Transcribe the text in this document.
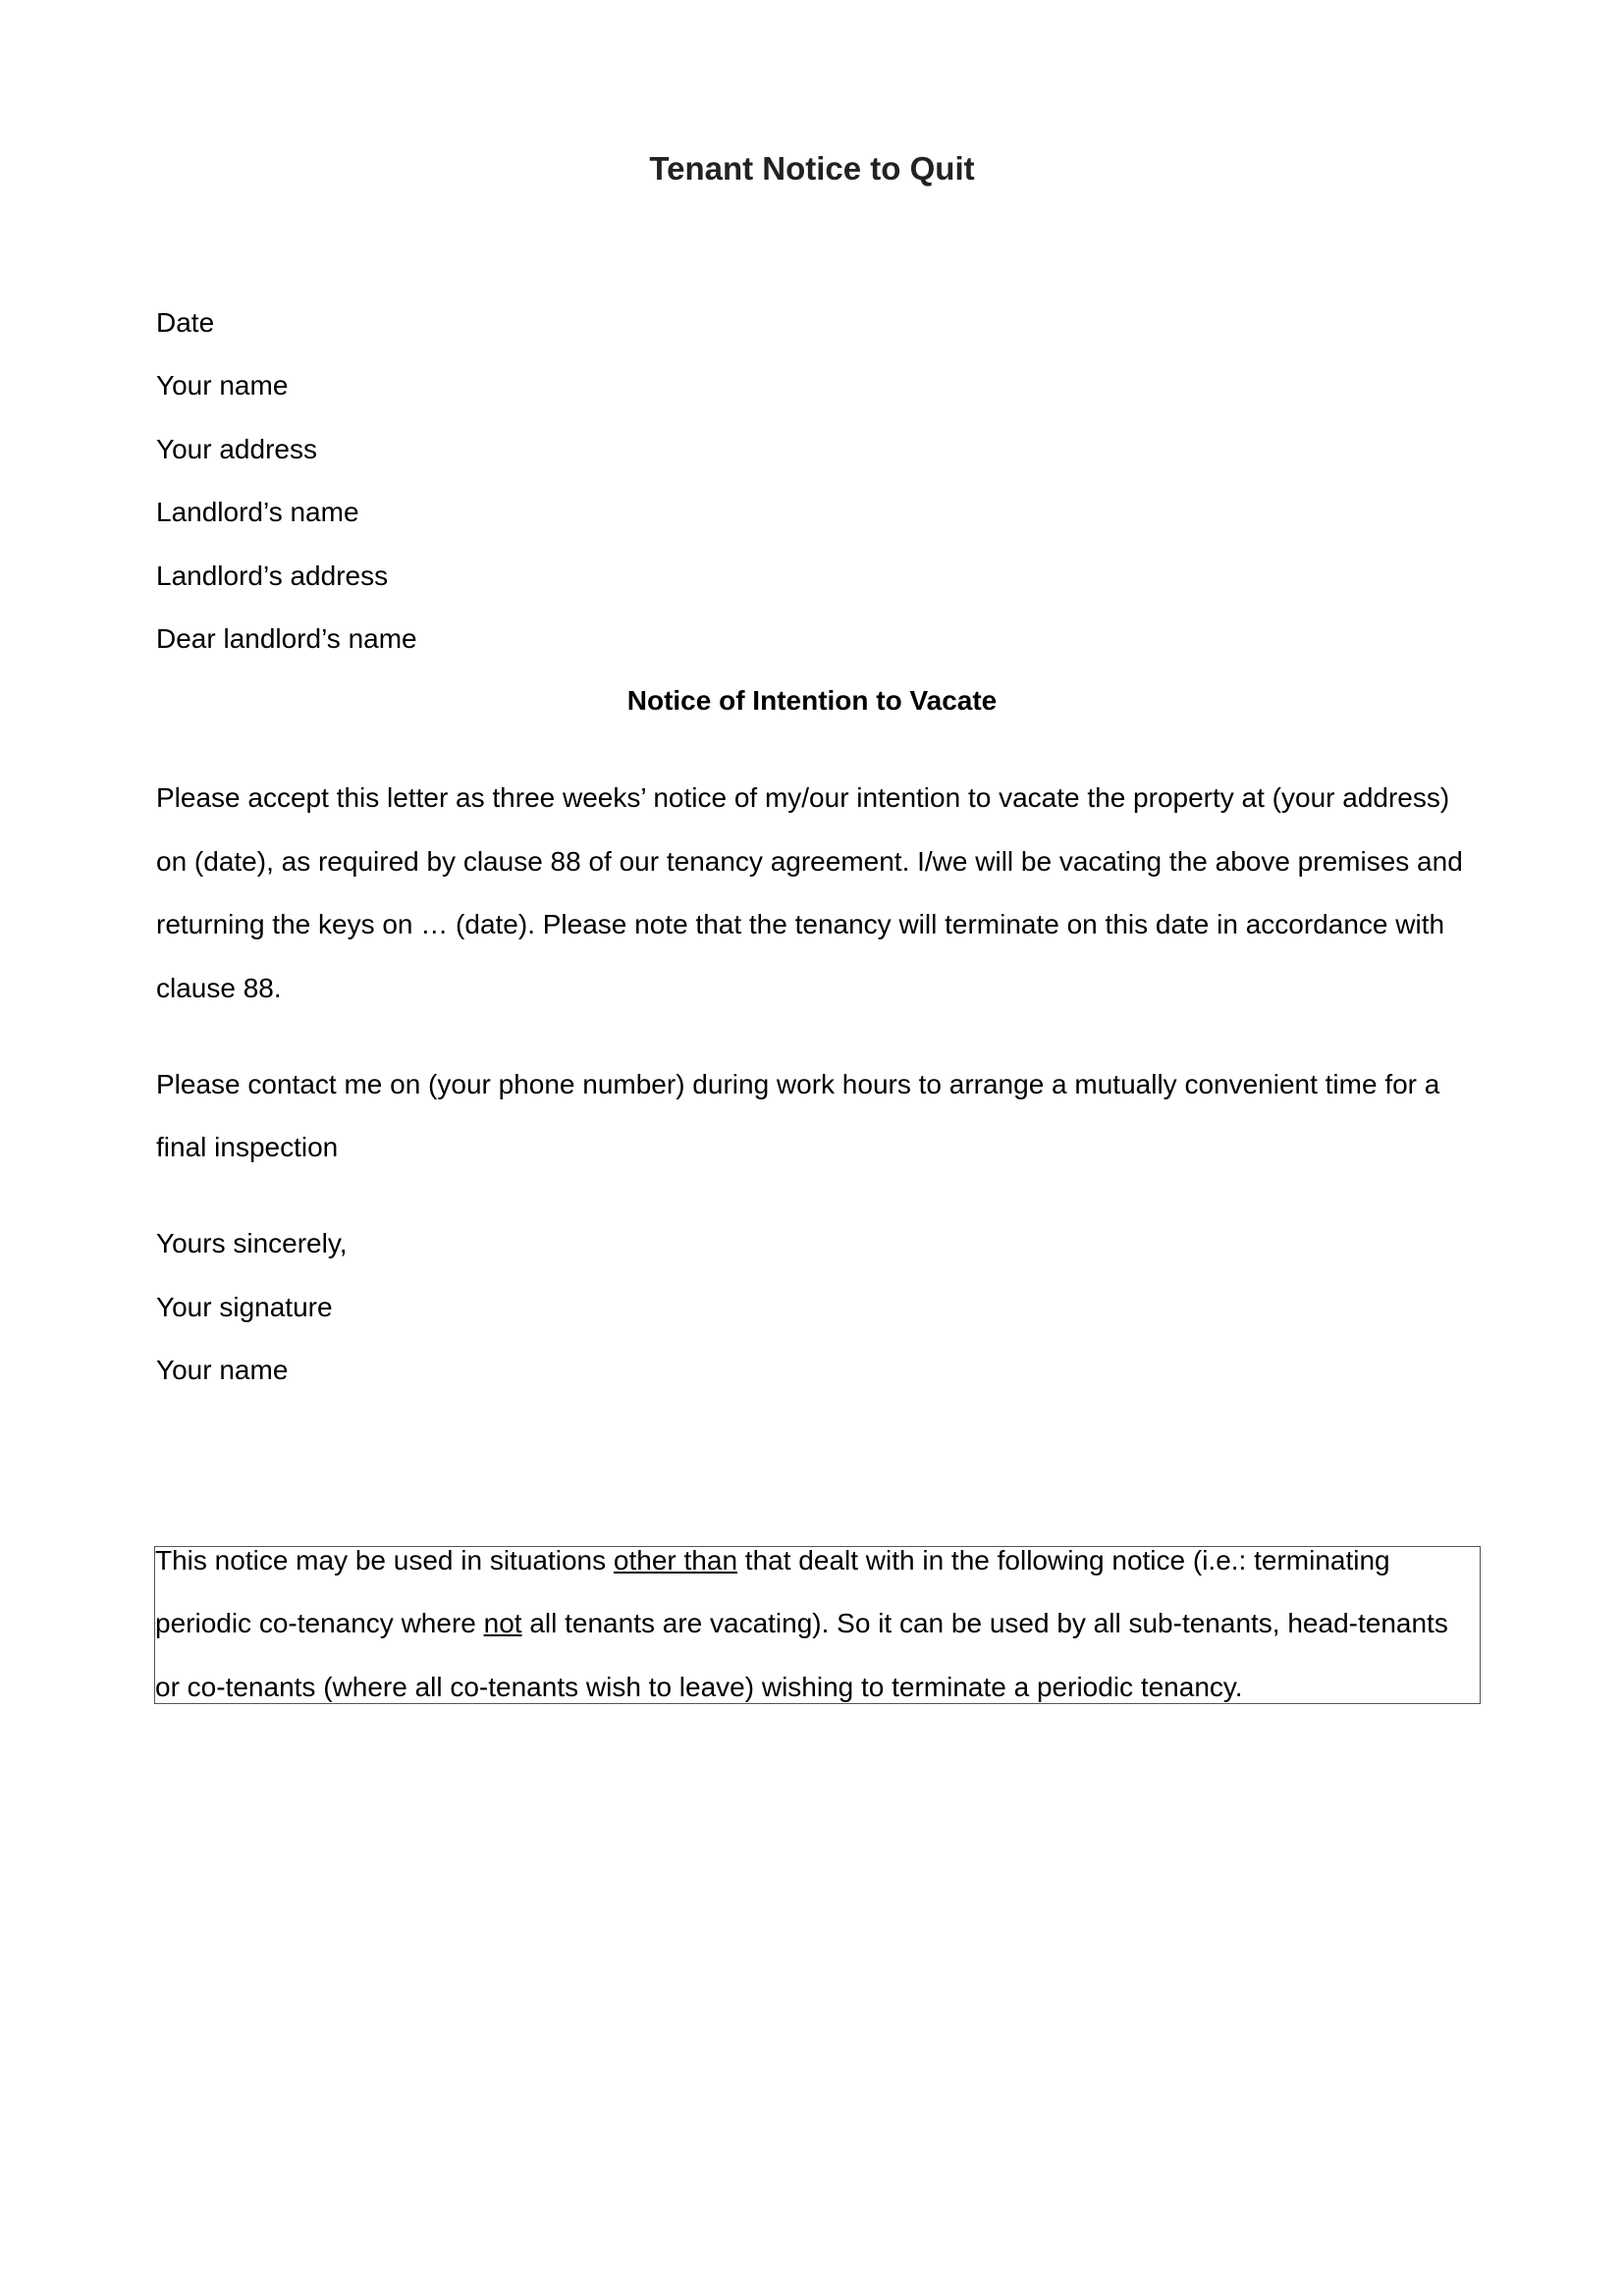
Tenant Notice to Quit

Date

Your name

Your address

Landlord’s name

Landlord’s address

Dear landlord’s name

Notice of Intention to Vacate

Please accept this letter as three weeks’ notice of my/our intention to vacate the property at (your address)

on (date), as required by clause 88 of our tenancy agreement. I/we will be vacating the above premises and

returning the keys on … (date). Please note that the tenancy will terminate on this date in accordance with

clause 88.

Please contact me on (your phone number) during work hours to arrange a mutually convenient time for a

final inspection

Yours sincerely,

Your signature

Your name

This notice may be used in situations other than that dealt with in the following notice (i.e.: terminating

periodic co-tenancy where not all tenants are vacating). So it can be used by all sub-tenants, head-tenants

or co-tenants (where all co-tenants wish to leave) wishing to terminate a periodic tenancy.
